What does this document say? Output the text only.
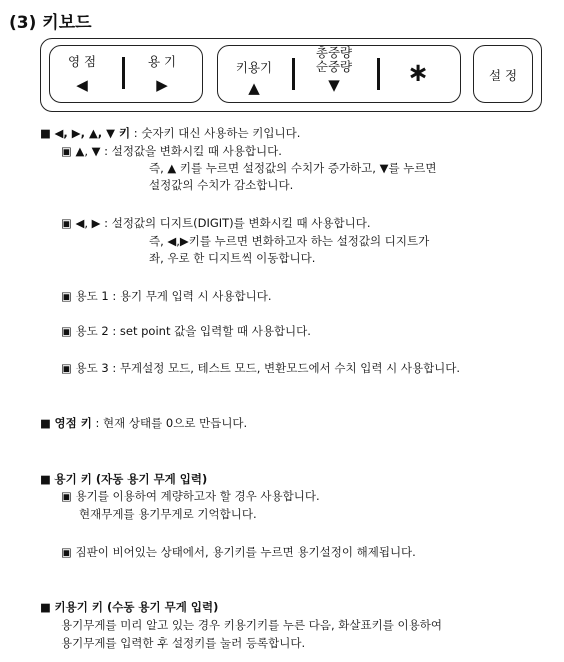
(3) 키보드
영 점
◀
용 기
▶
키용기
▲
총중량
순중량
▼	∗	설 정
■ ◀, ▶, ▲, ▼ 키 : 숫자키 대신 사용하는 키입니다.
▣ ▲, ▼ : 설정값을 변화시킬 때 사용합니다.
즉, ▲ 키를 누르면 설정값의 수치가 증가하고, ▼를 누르면
설정값의 수치가 감소합니다.
▣ ◀, ▶ : 설정값의 디지트(DIGIT)를 변화시킬 때 사용합니다.
즉, ◀,▶키를 누르면 변화하고자 하는 설정값의 디지트가
좌, 우로 한 디지트씩 이동합니다.
▣ 용도 1 : 용기 무게 입력 시 사용합니다.
▣ 용도 2 : set point 값을 입력할 때 사용합니다.
▣ 용도 3 : 무게설정 모드, 테스트 모드, 변환모드에서 수치 입력 시 사용합니다.
■ 영점 키 : 현재 상태를 0으로 만듭니다.
■ 용기 키 (자동 용기 무게 입력)
▣ 용기를 이용하여 계량하고자 할 경우 사용합니다.
현재무게를 용기무게로 기억합니다.
▣ 짐판이 비어있는 상태에서, 용기키를 누르면 용기설정이 해제됩니다.
■ 키용기 키 (수동 용기 무게 입력)
용기무게를 미리 알고 있는 경우 키용기키를 누른 다음, 화살표키를 이용하여
용기무게를 입력한 후 설정키를 눌러 등록합니다.
